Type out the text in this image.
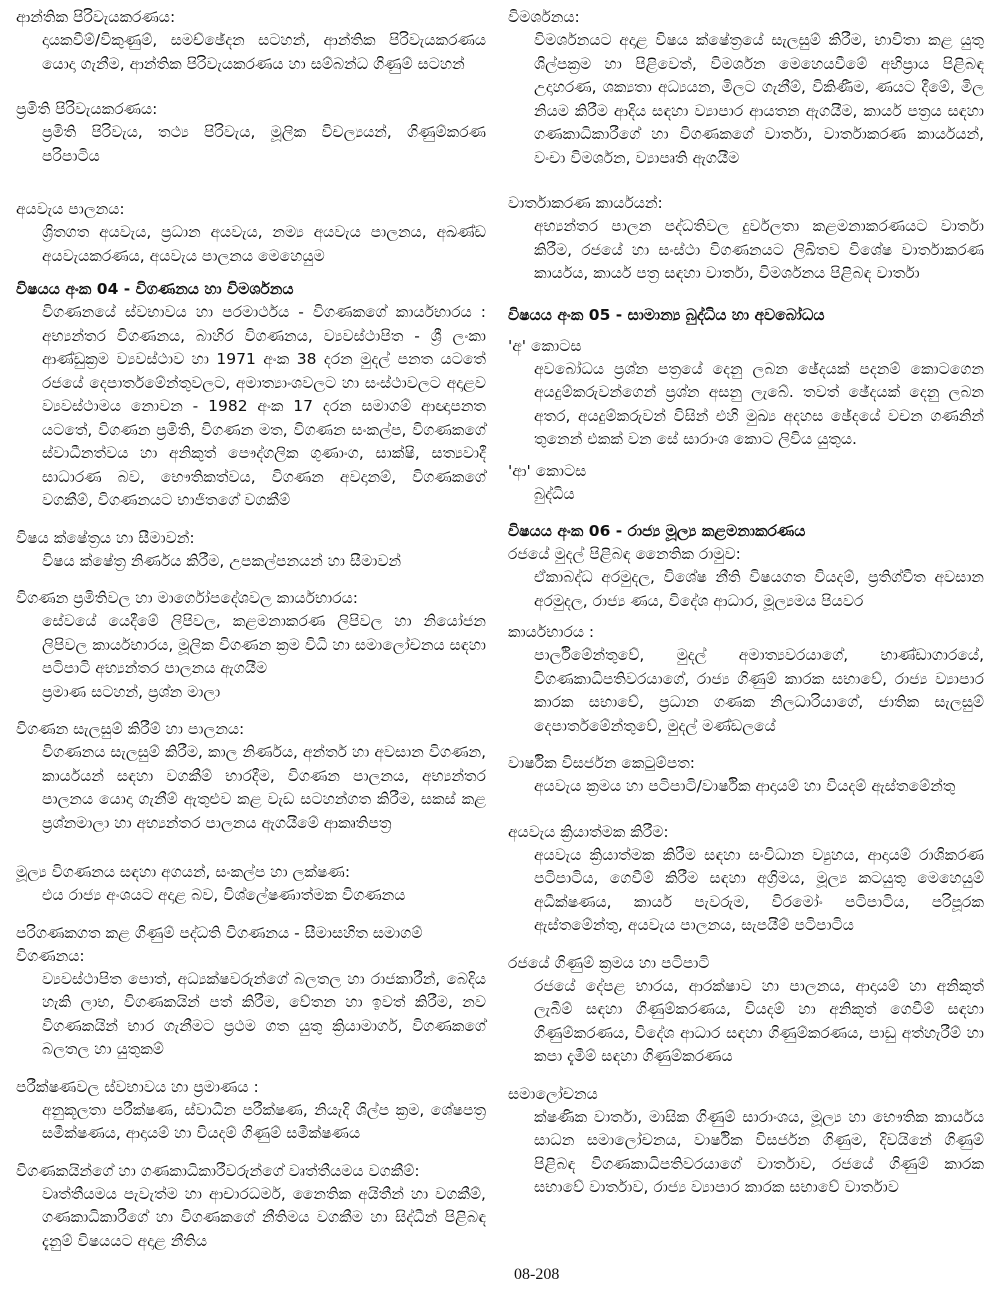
ආන්තික පිරිවැයකරණය:

දායකවීම්/විකුණුම්, සමච්ඡේදන සටහන්, ආන්තික පිරිවැයකරණය යොදා ගැනීම, ආන්තික පිරිවැයකරණය හා සම්බන්ධ ගිණුම් සටහන්

ප්‍රමිති පිරිවැයකරණය:

ප්‍රමිති පිරිවැය, තථ්‍ය පිරිවැය, මූලික විචල්‍යයන්, ගිණුම්කරණ පරිපාටිය

අයවැය පාලනය:

ශ්‍රිතගත අයවැය, ප්‍රධාන අයවැය, නම්‍ය අයවැය පාලනය, අඛණ්ඩ අයවැයකරණය, අයවැය පාලනය මෙහෙයුම

විෂයය අංක 04 - විගණනය හා විමර්ශනය

විගණනයේ ස්වභාවය හා පරමාර්ථය - විගණකගේ කාර්යභාරය : අභ්‍යන්තර විගණනය, බාහිර විගණනය, ව්‍යවස්ථාපිත - ශ්‍රී ලංකා ආණ්ඩුක්‍රම ව්‍යවස්ථාව හා 1971 අංක 38 දරන මුදල් පනත යටතේ රජයේ දෙපාර්තමේන්තුවලට, අමාත්‍යාංශවලට හා සංස්ථාවලට අදාළව ව්‍යවස්ථාමය නොවන - 1982 අංක 17 දරන සමාගම් ආඥාපනත යටතේ, විගණන ප්‍රමිති, විගණන මත, විගණන සංකල්ප, විගණකගේ ස්වාධීනත්වය හා අනිකුත් පෞද්ගලික ගුණාංග, සාක්ෂි, සත්‍යවාදී සාධාරණ බව, භෞතිකත්වය, විගණන අවදානම්, විගණකගේ වගකීම්, විගණනයට භාජිතගේ වගකීම්

විෂය ක්ෂේත්‍රය හා සීමාවන්:

විෂය ක්ෂේත්‍ර නිර්ණය කිරීම, උපකල්පනයන් හා සීමාවන්

විගණන ප්‍රමිතිවල හා මාර්ගෝපදේශවල කාර්යභාරය:

සේවයේ යෙදීමේ ලිපිවල, කළමනාකරණ ලිපිවල හා නියෝජන ලිපිවල කාර්යභාරය, මූලික විගණන ක්‍රම විධි හා සමාලෝචනය සඳහා පටිපාටි අභ්‍යන්තර පාලනය ඇගයීම

ප්‍රමාණ සටහන්, ප්‍රශ්න මාලා

විගණන සැලසුම් කිරීම් හා පාලනය:

විගණනය සැලසුම් කිරීම, කාල නිර්ණය, අන්තර් හා අවසාන විගණන, කාර්යයන් සඳහා වගකීම් භාරදීම, විගණන පාලනය, අභ්‍යන්තර පාලනය යොදා ගැනීම් ඇතුළුව කළ වැඩ සටහන්ගත කිරීම, සකස් කළ ප්‍රශ්නමාලා හා අභ්‍යන්තර පාලනය ඇගයීමේ ආකෘතිපත්‍ර

මූල්‍ය විගණනය සඳහා අගයන්, සංකල්ප හා ලක්ෂණ:

එය රාජ්‍ය අංශයට අදාළ බව, විශ්ලේෂණාත්මක විගණනය

පරිගණකගත කළ ගිණුම් පද්ධති විගණනය - සීමාසහිත සමාගම් විගණනය:

ව්‍යවස්ථාපිත පොත්, අධ්‍යක්ෂවරුන්ගේ බලතල හා රාජකාරීන්, බෙදිය හැකි ලාභ, විගණකයින් පත් කිරීම, වේතන හා ඉවත් කිරීම, නව විගණකයින් භාර ගැනීමට ප්‍රථම ගත යුතු ක්‍රියාමාර්ග, විගණකගේ බලතල හා යුතුකම්

පරීක්ෂණවල ස්වභාවය හා ප්‍රමාණය :

අනුකූලතා පරීක්ෂණ, ස්වාධීන පරීක්ෂණ, නියැදි ශිල්ප ක්‍රම, ශේෂපත්‍ර සමීක්ෂණය, ආදායම් හා වියදම් ගිණුම් සමීක්ෂණය

විගණකයින්ගේ හා ගණකාධිකාරීවරුන්ගේ වෘත්තීයමය වගකීම්:

වෘත්තීයමය පැවැත්ම හා ආචාරධර්ම, නෛතික අයිතීන් හා වගකීම්, ගණකාධිකාරීගේ හා විගණකගේ නීතිමය වගකීම හා සිද්ධීන් පිළිබඳ දැනුම් විෂයයට අදාළ නීතිය

විමර්ශනය:

විමර්ශනයට අදාළ විෂය ක්ෂේත්‍රයේ සැලසුම් කිරීම, භාවිතා කළ යුතු ශිල්පක්‍රම හා පිළිවෙත්, විමර්ශන මෙහෙයවීමේ අභිප්‍රාය පිළිබඳ උදාහරණ, ශක්‍යතා අධ්‍යයන, මිලට ගැනීම්, විකිණීම, ණයට දීමේ, මිල නියම කිරීම ආදිය සඳහා ව්‍යාපාර ආයතන ඇගයීම, කාර්ය පත්‍රය සඳහා ගණකාධිකාරීගේ හා විගණකගේ වාර්තා, වාර්තාකරණ කාර්යයන්, වංචා විමර්ශන, ව්‍යාපෘති ඇගයීම

වාර්තාකරණ කාර්යයන්:

අභ්‍යන්තර පාලන පද්ධතිවල දුර්වලතා කළමනාකරණයට වාර්තා කිරීම, රජයේ හා සංස්ථා විගණනයට ලිඛිතව විශේෂ වාර්තාකරණ කාර්යය, කාර්ය පත්‍ර සඳහා වාර්තා, විමර්ශනය පිළිබඳ වාර්තා

විෂයය අංක 05 - සාමාන්‍ය බුද්ධිය හා අවබෝධය
'අ' කොටස

අවබෝධය ප්‍රශ්න පත්‍රයේ දෙනු ලබන ඡේදයක් පදනම් කොටගෙන අයදුම්කරුවන්ගෙන් ප්‍රශ්න අසනු ලැබේ. තවත් ඡේදයක් දෙනු ලබන අතර, අයදුම්කරුවන් විසින් එහි මුඛ්‍ය අදහස ඡේදයේ වචන ගණනින් තුනෙන් එකක් වන සේ සාරාංශ කොට ලිවිය යුතුය.

'ආ' කොටස

බුද්ධිය

විෂයය අංක 06 - රාජ්‍ය මූල්‍ය කළමනාකරණය
රජයේ මුදල් පිළිබඳ නෛතික රාමුව:

ඒකාබද්ධ අරමුදල, විශේෂ නීති විෂයගත වියදම්, ප්‍රතිග්වීත අවසාන අරමුදල, රාජ්‍ය ණය, විදේශ ආධාර, මූල්‍යමය පියවර

කාර්යභාරය :

පාර්ලිමේන්තුවේ, මුදල් අමාත්‍යවරයාගේ, භාණ්ඩාගාරයේ, විගණකාධිපතිවරයාගේ, රාජ්‍ය ගිණුම් කාරක සභාවේ, රාජ්‍ය ව්‍යාපාර කාරක සභාවේ, ප්‍රධාන ගණක නිලධාරියාගේ, ජාතික සැලසුම් දෙපාර්තමේන්තුවේ, මුදල් මණ්ඩලයේ

වාර්ෂික විසර්ජන කෙටුම්පත:

අයවැය ක්‍රමය හා පටිපාටි/වාර්ෂික ආදායම් හා වියදම් ඇස්තමේන්තු

අයවැය ක්‍රියාත්මක කිරීම:

අයවැය ක්‍රියාත්මක කිරීම සඳහා සංවිධාන ව්‍යුහය, ආදායම් රාශිකරණ පටිපාටිය, ගෙවීම් කිරීම සඳහා අග්‍රිමය, මූල්‍ය කටයුතු මෙහෙයුම් අධීක්ෂණය, කාර්ය පැවරුම, විරමෝං පටිපාටිය, පරිපූරක ඇස්තමේන්තු, අයවැය පාලනය, සැපයීම් පටිපාටිය

රජයේ ගිණුම් ක්‍රමය හා පටිපාටි

රජයේ දේපළ භාරය, ආරක්ෂාව හා පාලනය, ආදායම් හා අනිකුත් ලැබීම් සඳහා ගිණුම්කරණය, වියදම් හා අනිකුත් ගෙවීම් සඳහා ගිණුම්කරණය, විදේශ ආධාර සඳහා ගිණුම්කරණය, පාඩු අත්හැරීම් හා කපා දැමීම් සඳහා ගිණුම්කරණය

සමාලෝචනය

ක්ෂණික වාර්තා, මාසික ගිණුම් සාරාංශය, මූල්‍ය හා භෞතික කාර්යය සාධන සමාලෝචනය, වාර්ෂික විසර්ජන ගිණුම, දිවයිනේ ගිණුම් පිළිබඳ විගණකාධිපතිවරයාගේ වාර්තාව, රජයේ ගිණුම් කාරක සභාවේ වාර්තාව, රාජ්‍ය ව්‍යාපාර කාරක සභාවේ වාර්තාව

08-208
